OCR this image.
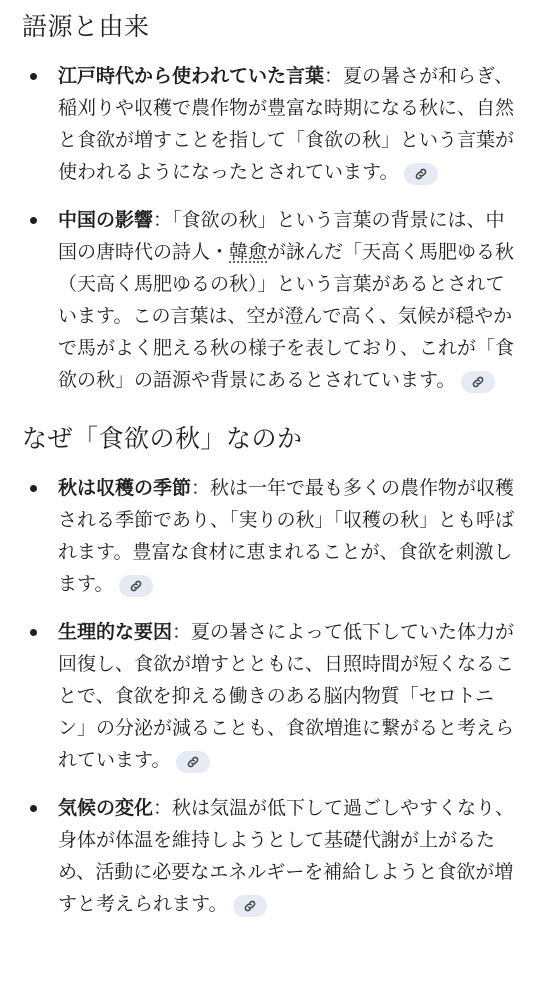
語源と由来
江戸時代から使われていた言葉：夏の暑さが和らぎ、稲刈りや収穫で農作物が豊富な時期になる秋に、自然と食欲が増すことを指して「食欲の秋」という言葉が使われるようになったとされています。
中国の影響：「食欲の秋」という言葉の背景には、中国の唐時代の詩人・韓愈が詠んだ「天高く馬肥ゆる秋（天高く馬肥ゆるの秋）」という言葉があるとされています。この言葉は、空が澄んで高く、気候が穏やかで馬がよく肥える秋の様子を表しており、これが「食欲の秋」の語源や背景にあるとされています。
なぜ「食欲の秋」なのか
秋は収穫の季節：秋は一年で最も多くの農作物が収穫される季節であり、「実りの秋」「収穫の秋」とも呼ばれます。豊富な食材に恵まれることが、食欲を刺激します。
生理的な要因：夏の暑さによって低下していた体力が回復し、食欲が増すとともに、日照時間が短くなることで、食欲を抑える働きのある脳内物質「セロトニン」の分泌が減ることも、食欲増進に繋がると考えられています。
気候の変化：秋は気温が低下して過ごしやすくなり、身体が体温を維持しようとして基礎代謝が上がるため、活動に必要なエネルギーを補給しようと食欲が増すと考えられます。
